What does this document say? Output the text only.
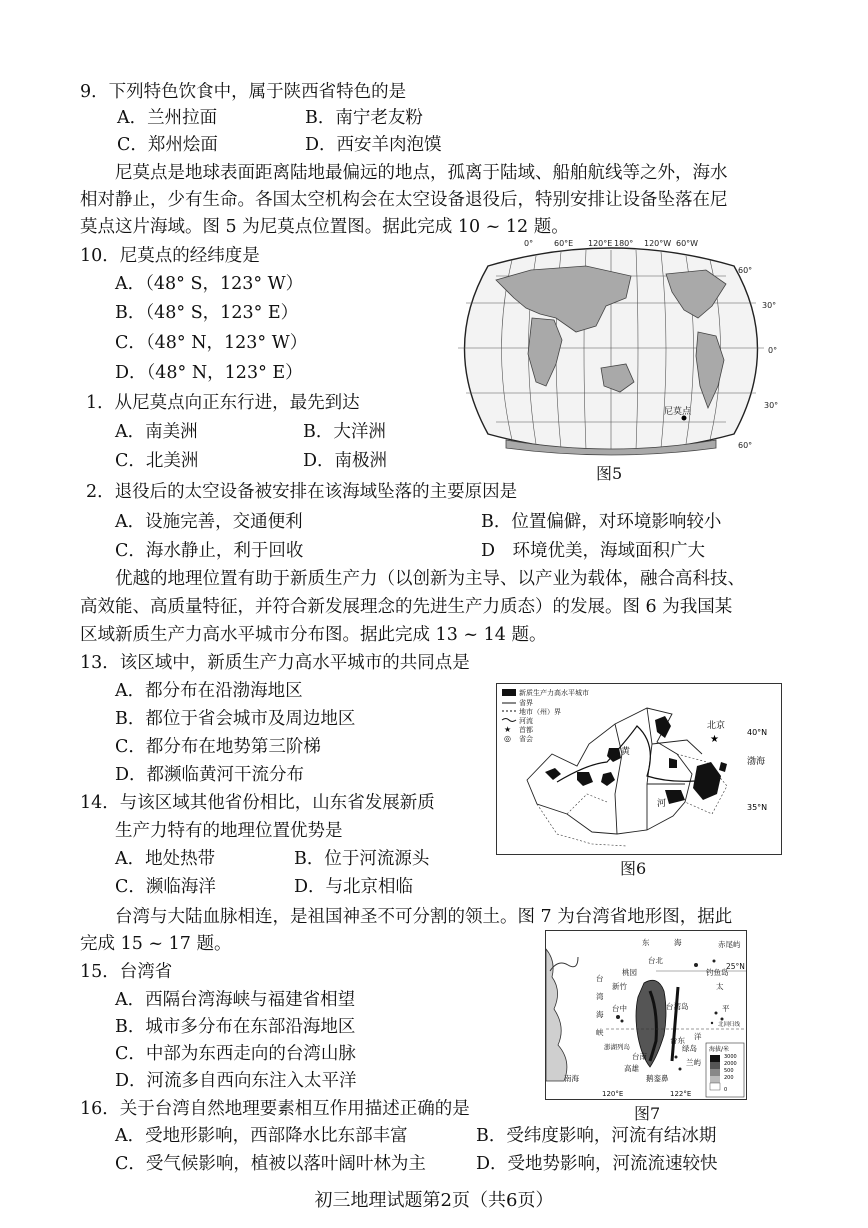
9．下列特色饮食中，属于陕西省特色的是
A．兰州拉面	B．南宁老友粉
C．郑州烩面	D．西安羊肉泡馍
尼莫点是地球表面距离陆地最偏远的地点，孤离于陆域、船舶航线等之外，海水
相对静止，少有生命。各国太空机构会在太空设备退役后，特别安排让设备坠落在尼
莫点这片海域。图 5 为尼莫点位置图。据此完成 10 ~ 12 题。
10．尼莫点的经纬度是
A．（48° S，123° W）
B．（48° S，123° E）
C．（48° N，123° W）
D．（48° N，123° E）
1．从尼莫点向正东行进，最先到达
A．南美洲	B．大洋洲
C．北美洲	D．南极洲
0°	60°E 120°E 180° 120°W 60°W
60°
30°
0°
30°
60°
尼莫点
图5
2．退役后的太空设备被安排在该海域坠落的主要原因是
A．设施完善，交通便利	B．位置偏僻，对环境影响较小
C．海水静止，利于回收	D　环境优美，海域面积广大
优越的地理位置有助于新质生产力（以创新为主导、以产业为载体，融合高科技、
高效能、高质量特征，并符合新发展理念的先进生产力质态）的发展。图 6 为我国某
区域新质生产力高水平城市分布图。据此完成 13 ~ 14 题。
13．该区域中，新质生产力高水平城市的共同点是
A．都分布在沿渤海地区
B．都位于省会城市及周边地区
C．都分布在地势第三阶梯
D．都濒临黄河干流分布
14．与该区域其他省份相比，山东省发展新质
生产力特有的地理位置优势是
A．地处热带	B．位于河流源头
C．濒临海洋	D．与北京相临
新质生产力高水平城市
省界
地市（州）界
河流
★ 首都
◎ 省会
北京
★
渤海
黄
河
40°N
35°N
图6
台湾与大陆血脉相连，是祖国神圣不可分割的领土。图 7 为台湾省地形图，据此
完成 15 ~ 17 题。
15．台湾省
A．西隔台湾海峡与福建省相望
B．城市多分布在东部沿海地区
C．中部为东西走向的台湾山脉
D．河流多自西向东注入太平洋
东	海	赤尾屿
钓鱼岛
台
湾
海
峡
台北
桃园
新竹
台中
澎湖列岛
台湾岛
台南
高雄
台东
绿岛
兰屿
鹅銮鼻
太
平
洋
南海
25°N
北回归线
120°E	122°E
海拔/米
3000
2000
500
200
0
图7
16．关于台湾自然地理要素相互作用描述正确的是
A．受地形影响，西部降水比东部丰富	B．受纬度影响，河流有结冰期
C．受气候影响，植被以落叶阔叶林为主	D．受地势影响，河流流速较快
初三地理试题第2页（共6页）
